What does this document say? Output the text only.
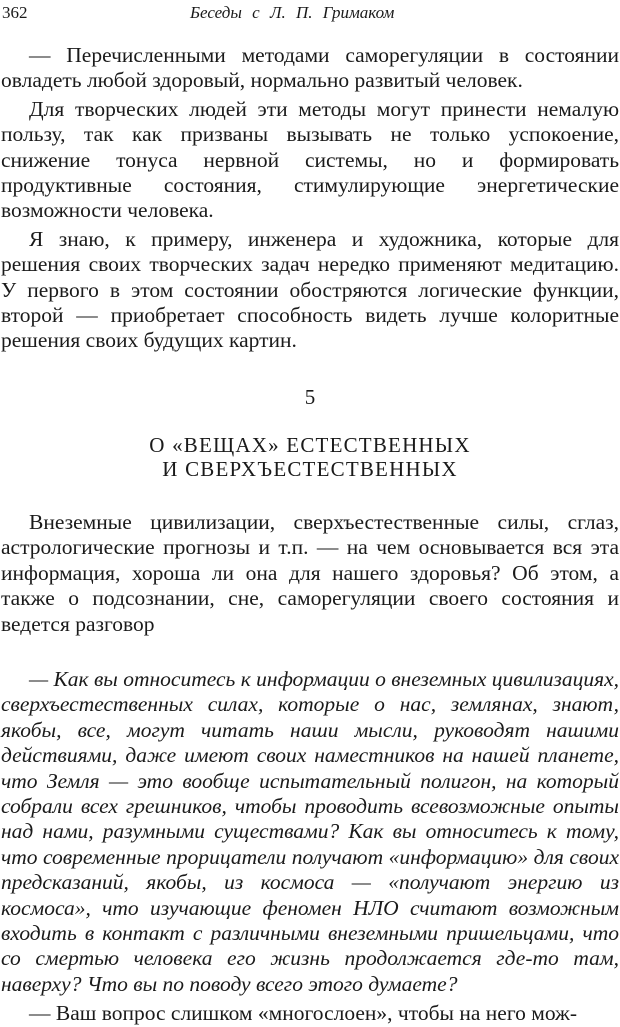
362	Беседы с Л. П. Гримаком

— Перечисленными методами саморегуляции в состоянии овладеть любой здоровый, нормально развитый человек.

Для творческих людей эти методы могут принести немалую пользу, так как призваны вызывать не только успокоение, снижение тонуса нервной системы, но и формировать продуктивные состояния, стимулирующие энергетические возможности человека.

Я знаю, к примеру, инженера и художника, которые для решения своих творческих задач нередко применяют медитацию. У первого в этом состоянии обостряются логические функции, второй — приобретает способность видеть лучше колоритные решения своих будущих картин.

5
О «ВЕЩАХ» ЕСТЕСТВЕННЫХ
И СВЕРХЪЕСТЕСТВЕННЫХ

Внеземные цивилизации, сверхъестественные силы, сглаз, астрологические прогнозы и т.п. — на чем основывается вся эта информация, хороша ли она для нашего здоровья? Об этом, а также о подсознании, сне, саморегуляции своего состояния и ведется разговор

— Как вы относитесь к информации о внеземных цивилизациях, сверхъестественных силах, которые о нас, землянах, знают, якобы, все, могут читать наши мысли, руководят нашими действиями, даже имеют своих наместников на нашей планете, что Земля — это вообще испытательный полигон, на который собрали всех грешников, чтобы проводить всевозможные опыты над нами, разумными существами? Как вы относитесь к тому, что современные прорицатели получают «информацию» для своих предсказаний, якобы, из космоса — «получают энергию из космоса», что изучающие феномен НЛО считают возможным входить в контакт с различными внеземными пришельцами, что со смертью человека его жизнь продолжается где-то там, наверху? Что вы по поводу всего этого думаете?

— Ваш вопрос слишком «многослоен», чтобы на него мож-
